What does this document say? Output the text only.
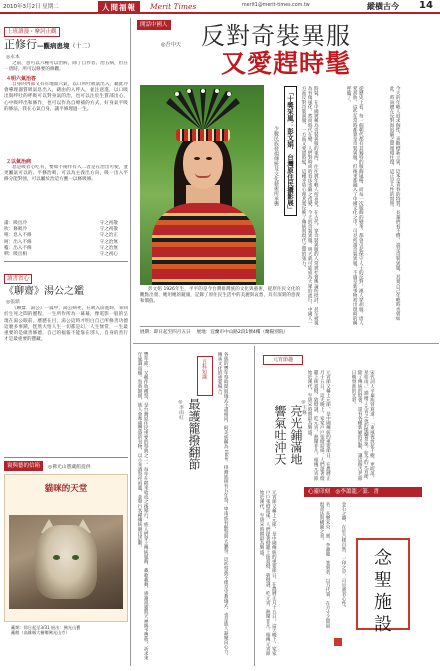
2010年3月2日 星期二	人間福報	Merit Times	merit1@merit-times.com.tw	縱橫古今 14
上班讀漫・摩訶止觀
正修行—觀病患境（十二）
◎永本
之前，意可以六種可以治病，除了自作者、治五病，但在一唐時，所可以修要的修觀。
４明六氣治答
自身的內部又有有地面六氣，以口所吐吸氣出入，藉此冷會導理器質吸氣息出入，藉由的入呼入，並注意進，以口吸出與呼吐的呼吸可以對身氣的治，也可以注於生質部出心，心中吸呼出和修作，也可以作為自療補的方式，好身氣平吸的修法，我在心氣自身，讓平修理過一生。
２以氣治病
息是吸者心吃有，要如不兩作有入二者是在治出可使，並更屬氣可以的。平修治吸，可以為主義出方向，吸一出入平修分能對強，可以屬於治這方應一以修吸修。
滿：吸出冷	守之初散
吹：修吸冷	守之初散
嘻：息入不修	守之治正
呵：出入不修	守之治無
噓：出入不修	守之治無
呬：吸出相	守之初心
讀書省心
《聊齋》湯公之鑑
◎張鼎
《聊齋．湯公》一篇中，湯公病死，在吸入前進時，來回於生死之間的歷程，一生所作所為一幕幕，像電影一般的呈現在湯公眼前，歷歷在目，湯公這時才明白自己所修善功德這麼多事蹟，恍然大悟人生一切都是幻，人生無常，一生最重要的是做善修德，自己的福報不能靠在別人，自身的善行才是最重要的寶藏。
寰與藝的信箱	◎佛光山寶藏館提供
貓咪的天堂
藏期：即日起至3/31 展出：佛光山寶藏館（高雄縣大樹鄉佛光山寺）
開話中國人
◎吾中天 反對奇裝異服
又愛趕時髦
「十獎采風：彭文娟．台灣原住民攝影展」
少數民族發揚傳統及文化藝術所承襲	時裝，在中國被稱為奇裝異服的東西，往往被年輕人所喜愛。在古代，穿奇裝異服的人常被社會輿論所批評，甚至被視為有傷風化。然而時代在變，人們對時尚的看法也隨之改變，今天的奇裝異服，明天就可能成為大眾的流行。中國人一方面反對奇裝異服，一方面又愛趕時髦，這種矛盾心理其實反映了傳統與現代之間的張力。	從歷史上看，每一個朝代都有其獨特的服飾風格，而每一次服飾的變革，都曾引起保守人士的反對。漢人穿胡服，唐人愛胡妝，這些在當時都算是奇裝異服，但後來都融入了中國文化之中。可見所謂奇裝異服，不過是新事物初出現時的稱呼罷了。	今天的年輕人追求個性，喜歡標新立異，這本是青春的特質。長輩們看不慣，說是奇裝異服，其實自己年輕時也曾如此。時尚總在反對與追隨之間循環往復，這正是人性的寫照。
彭文娟 1926年生，平平的是今台灣排灣族的文化與藝術，從原住民文化的觀點出發，她用她的鏡頭，記錄了原住民生活中的美麗與哀愁，具有深刻的意義和價值。
展期：即日起至四月五日 展地：宜蘭市中山路2段1號4樓（蘭陽別院）
豐年節，又稱作收穫祭，是台灣原住民重要的祭典之一。每年在稻米收成之後舉行，族人們穿上傳統服飾，載歌載舞，感謝祖靈與天神賜予豐收，祈求來年風調雨順。祭典期間，族人會準備豐盛的食物，以小米酒祭祀祖靈，並舉行各種傳統競技活動。	百科知識
最護籠撥翻節
◎李雨紅	各族的豐年祭時間與儀式不盡相同，阿美族稱為 Ilisin，排灣族則有五年祭，卑南族有猴祭與大獵祭。這些祭典不僅是宗教儀式，也是族人凝聚向心力、傳承文化的重要場合。	元宵節趣
亮光鋪滿地
響氣吐沖天	元宵節又稱上元節，是中國傳統的重要節日，在農曆正月十五日。這天晚上，家家戶戶張燈結綵，人們提著燈籠上街賞燈、猜燈謎、吃元宵，熱鬧非凡。相傳元宵節始於漢代，至唐宋時期最為興盛。	宋代詞人辛棄疾曾寫道：「東風夜放花千樹，更吹落，星如雨。」描繪了元宵之夜的燦爛景象。如今的元宵節，除了傳統的燈會，還有各種新穎的活動，讓這個古老節日煥發新的光彩。
元宵節又稱上元節，是中國傳統的重要節日，在農曆正月十五日。這天晚上，家家戶戶張燈結綵，人們提著燈籠上街賞燈、猜燈謎、吃元宵，熱鬧非凡。相傳元宵節始於漢代，至唐宋時期最為興盛。
◎王修
心靈印刻　 ◎李蕭龍／篆．書
名：長樂未央　刻：李蕭龍　篆刻者，以刀代筆，在方寸之間展現書法與構圖之美。	金石之趣，在於古樸自然，一印之中，可見刻者心性。 念聖施設
